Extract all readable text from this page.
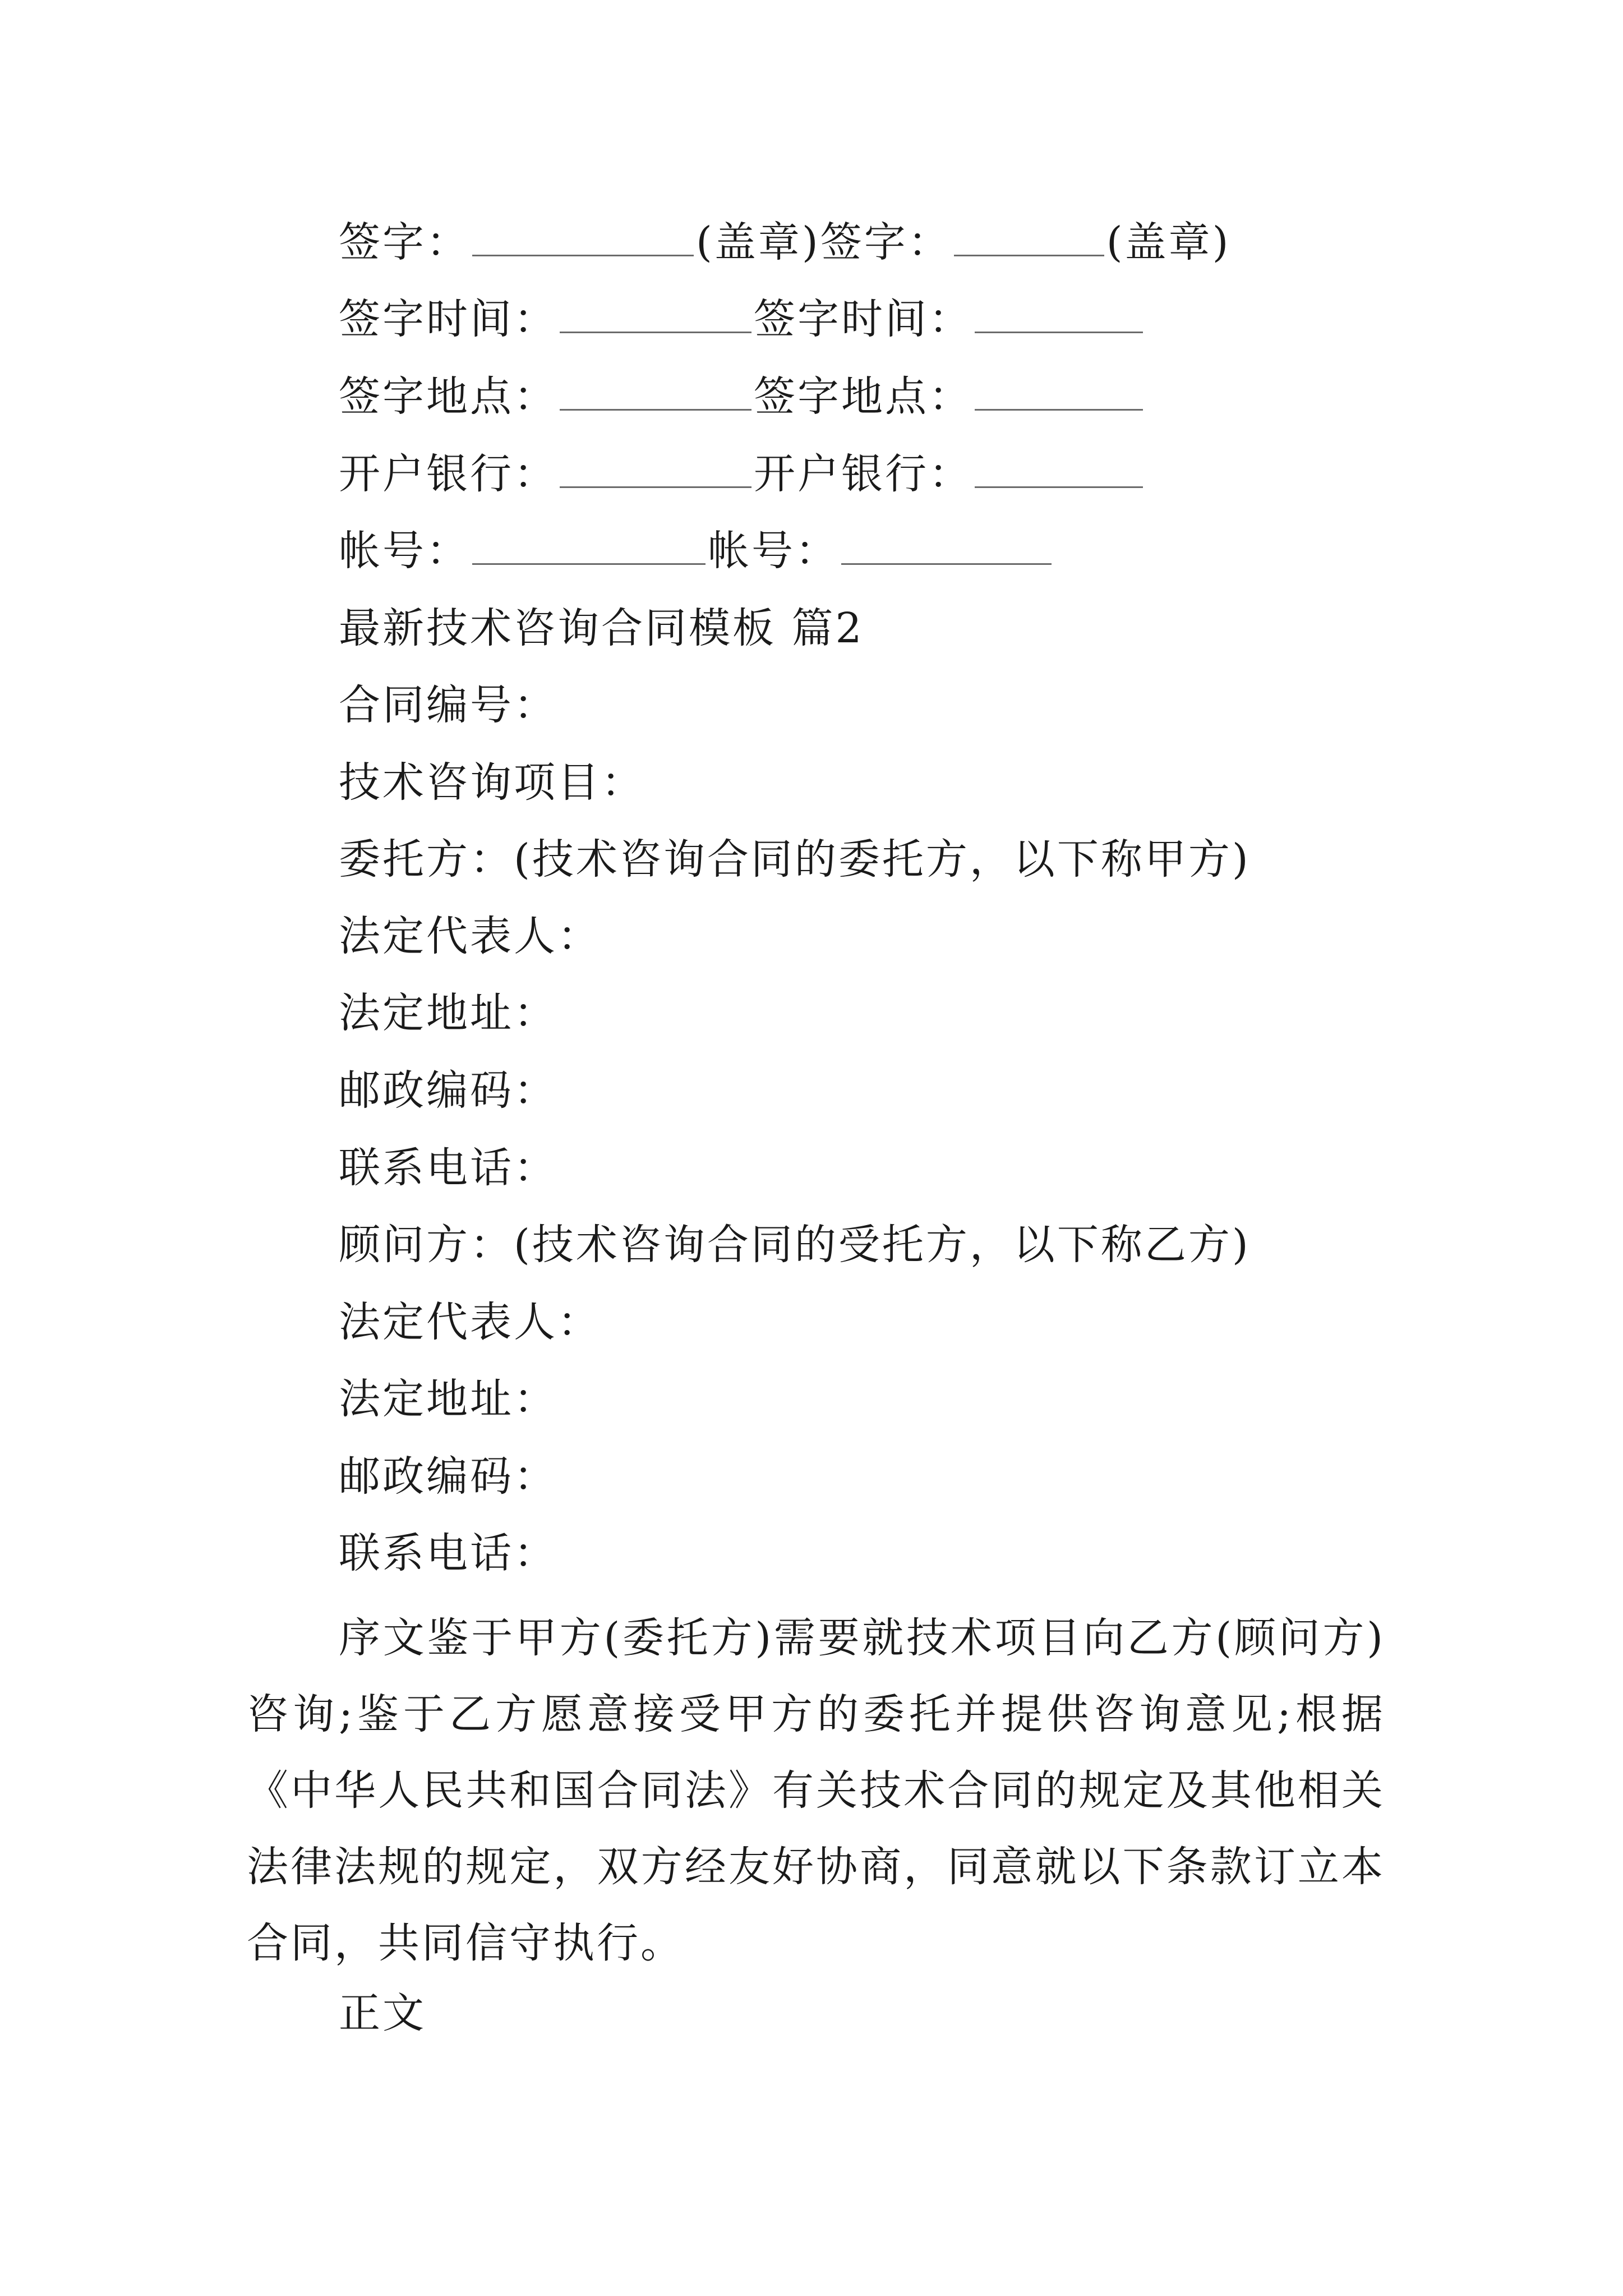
签字：	(盖章)签字：	(盖章)
签字时间：	签字时间：
签字地点：	签字地点：
开户银行：	开户银行：
帐号：	帐号：
最新技术咨询合同模板 篇2
合同编号：
技术咨询项目：
委托方：(技术咨询合同的委托方，以下称甲方)
法定代表人：
法定地址：
邮政编码：
联系电话：
顾问方：(技术咨询合同的受托方，以下称乙方)
法定代表人：
法定地址：
邮政编码：
联系电话：
序文鉴于甲方(委托方)需要就技术项目向乙方(顾问方)咨询;鉴于乙方愿意接受甲方的委托并提供咨询意见;根据《中华人民共和国合同法》有关技术合同的规定及其他相关法律法规的规定，双方经友好协商，同意就以下条款订立本合同，共同信守执行。
正文
